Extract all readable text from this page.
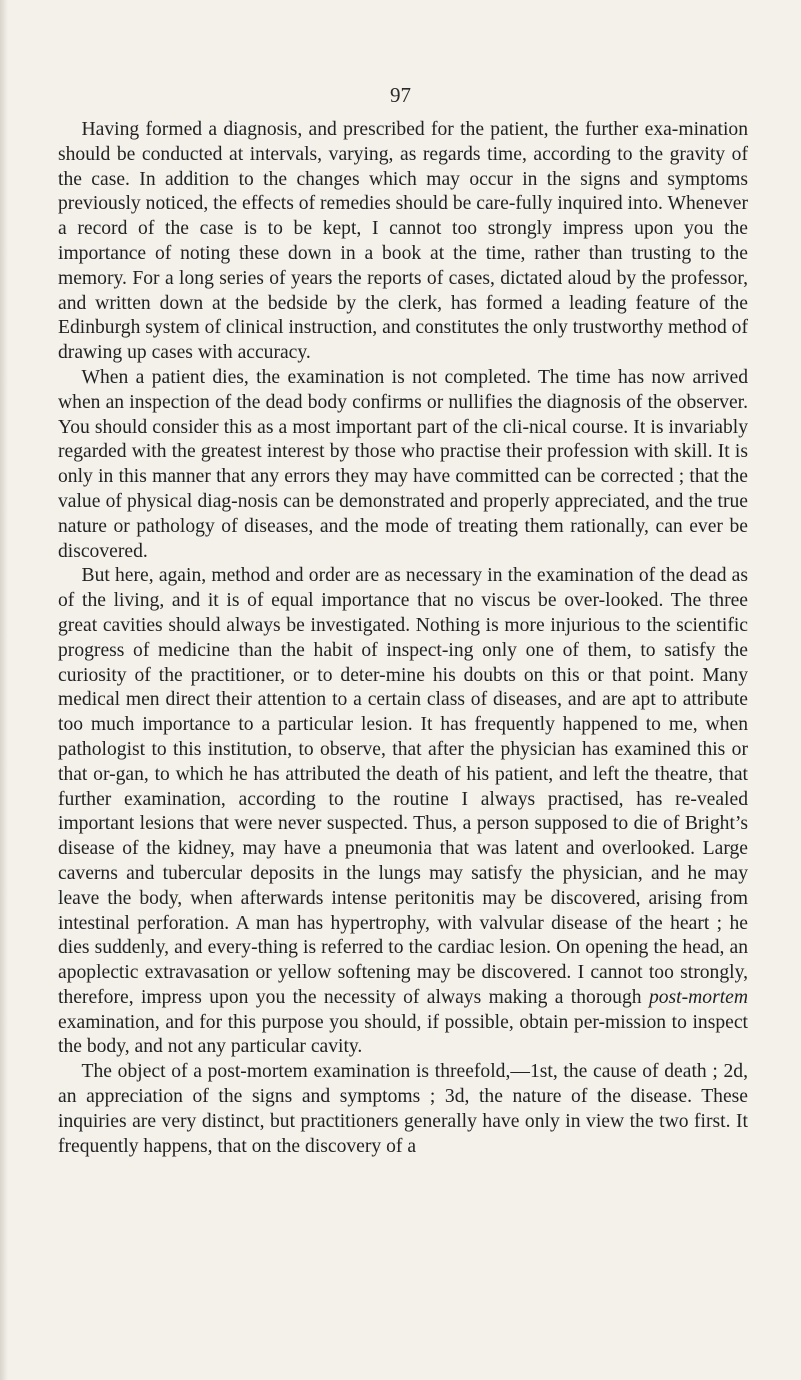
97

Having formed a diagnosis, and prescribed for the patient, the further exa-mination should be conducted at intervals, varying, as regards time, according to the gravity of the case. In addition to the changes which may occur in the signs and symptoms previously noticed, the effects of remedies should be care-fully inquired into. Whenever a record of the case is to be kept, I cannot too strongly impress upon you the importance of noting these down in a book at the time, rather than trusting to the memory. For a long series of years the reports of cases, dictated aloud by the professor, and written down at the bedside by the clerk, has formed a leading feature of the Edinburgh system of clinical instruction, and constitutes the only trustworthy method of drawing up cases with accuracy.

When a patient dies, the examination is not completed. The time has now arrived when an inspection of the dead body confirms or nullifies the diagnosis of the observer. You should consider this as a most important part of the cli-nical course. It is invariably regarded with the greatest interest by those who practise their profession with skill. It is only in this manner that any errors they may have committed can be corrected ; that the value of physical diag-nosis can be demonstrated and properly appreciated, and the true nature or pathology of diseases, and the mode of treating them rationally, can ever be discovered.

But here, again, method and order are as necessary in the examination of the dead as of the living, and it is of equal importance that no viscus be over-looked. The three great cavities should always be investigated. Nothing is more injurious to the scientific progress of medicine than the habit of inspect-ing only one of them, to satisfy the curiosity of the practitioner, or to deter-mine his doubts on this or that point. Many medical men direct their attention to a certain class of diseases, and are apt to attribute too much importance to a particular lesion. It has frequently happened to me, when pathologist to this institution, to observe, that after the physician has examined this or that or-gan, to which he has attributed the death of his patient, and left the theatre, that further examination, according to the routine I always practised, has re-vealed important lesions that were never suspected. Thus, a person supposed to die of Bright’s disease of the kidney, may have a pneumonia that was latent and overlooked. Large caverns and tubercular deposits in the lungs may satisfy the physician, and he may leave the body, when afterwards intense peritonitis may be discovered, arising from intestinal perforation. A man has hypertrophy, with valvular disease of the heart ; he dies suddenly, and every-thing is referred to the cardiac lesion. On opening the head, an apoplectic extravasation or yellow softening may be discovered. I cannot too strongly, therefore, impress upon you the necessity of always making a thorough post-mortem examination, and for this purpose you should, if possible, obtain per-mission to inspect the body, and not any particular cavity.

The object of a post-mortem examination is threefold,—1st, the cause of death ; 2d, an appreciation of the signs and symptoms ; 3d, the nature of the disease. These inquiries are very distinct, but practitioners generally have only in view the two first. It frequently happens, that on the discovery of a
